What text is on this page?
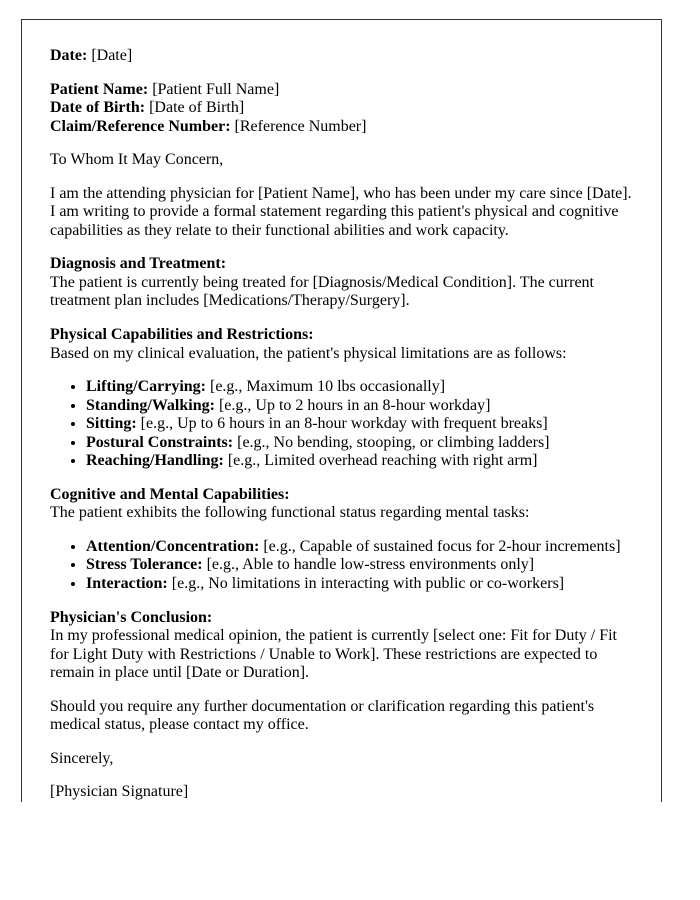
Date: [Date]

Patient Name: [Patient Full Name]
Date of Birth: [Date of Birth]
Claim/Reference Number: [Reference Number]

To Whom It May Concern,

I am the attending physician for [Patient Name], who has been under my care since [Date]. I am writing to provide a formal statement regarding this patient's physical and cognitive capabilities as they relate to their functional abilities and work capacity.

Diagnosis and Treatment:
The patient is currently being treated for [Diagnosis/Medical Condition]. The current treatment plan includes [Medications/Therapy/Surgery].

Physical Capabilities and Restrictions:
Based on my clinical evaluation, the patient's physical limitations are as follows:

• Lifting/Carrying: [e.g., Maximum 10 lbs occasionally]
• Standing/Walking: [e.g., Up to 2 hours in an 8-hour workday]
• Sitting: [e.g., Up to 6 hours in an 8-hour workday with frequent breaks]
• Postural Constraints: [e.g., No bending, stooping, or climbing ladders]
• Reaching/Handling: [e.g., Limited overhead reaching with right arm]

Cognitive and Mental Capabilities:
The patient exhibits the following functional status regarding mental tasks:

• Attention/Concentration: [e.g., Capable of sustained focus for 2-hour increments]
• Stress Tolerance: [e.g., Able to handle low-stress environments only]
• Interaction: [e.g., No limitations in interacting with public or co-workers]

Physician's Conclusion:
In my professional medical opinion, the patient is currently [select one: Fit for Duty / Fit for Light Duty with Restrictions / Unable to Work]. These restrictions are expected to remain in place until [Date or Duration].

Should you require any further documentation or clarification regarding this patient's medical status, please contact my office.

Sincerely,

[Physician Signature]
